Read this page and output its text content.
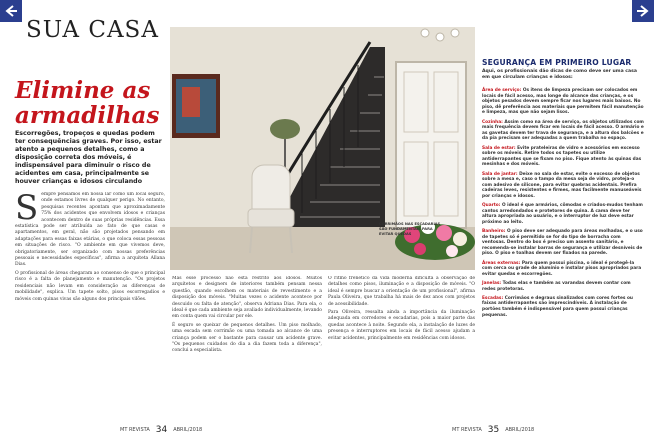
SUA CASA
CORRIMÃOS NAS ESCADARIAS SÃO FUNDAMENTAIS PARA EVITAR QUEDAS
Elimine as
armadilhas
Escorregões, tropeços e quedas podem ter consequências graves. Por isso, estar atento a pequenos detalhes, como a disposição correta dos móveis, é indispensável para diminuir o risco de acidentes em casa, principalmente se houver crianças e idosos circulando
S empre pensamos em nossa lar como um local seguro, onde estamos livres de qualquer perigo. No entanto, pesquisas recentes apontam que aproximadamente 75% dos acidentes que envolvem idosos e crianças acontecem dentro de suas próprias residências. Essa estatística pode ser atribuída ao fato de que casas e apartamentos, em geral, não são projetados pensando em adaptações para essas faixas etárias, o que coloca essas pessoas em situações de risco. "O ambiente em que vivemos deve, obrigatoriamente, ser organizado com nossas preferências pessoais e necessidades específicas", afirma a arquiteta Allana Dias.

O profissional de áreas chegaram ao consenso de que o principal risco é a falta de planejamento e manutenção. "Os projetos residenciais não levam em consideração as diferenças de mobilidade", explica. Um tapete solto, pisos escorregadios e móveis com quinas vivas são alguns dos principais vilões.

Mas esse processo não está restrito aos idosos. Muitos arquitetos e designers de interiores também pensam nessa questão, quando escolhem os materiais de revestimento e a disposição dos móveis. "Muitas vezes o acidente acontece por descuido ou falta de atenção", observa Adriana Dias. Para ela, o ideal é que cada ambiente seja avaliado individualmente, levando em conta quem vai circular por ele.

É seguro se queixar de pequenos detalhes. Um piso molhado, uma escada sem corrimão ou uma tomada ao alcance de uma criança podem ser o bastante para causar um acidente grave. "Os pequenos cuidados do dia a dia fazem toda a diferença", conclui a especialista.

O ritmo frenético da vida moderna dificulta a observação de detalhes como pisos, iluminação e a disposição de móveis. "O ideal é sempre buscar a orientação de um profissional", afirma Paula Oliveira, que trabalha há mais de dez anos com projetos de acessibilidade.

Para Oliveira, ressalta ainda a importância da iluminação adequada em corredores e escadarias, pois a maior parte das quedas acontece à noite. Segundo ela, a instalação de luzes de presença e interruptores em locais de fácil acesso ajudam a evitar acidentes, principalmente em residências com idosos.

MT REVISTA 34 ABRIL/2018	MT REVISTA 35 ABRIL/2018
SEGURANÇA EM PRIMEIRO LUGAR
Aqui, os profissionais dão dicas de como deve ser uma casa em que circulam crianças e idosos:
Área de serviço: Os itens de limpeza precisam ser colocados em locais de fácil acesso, mas longe do alcance das crianças, e os objetos pesados devem sempre ficar nos lugares mais baixos. No piso, dê preferência aos materiais que permitem fácil manutenção e limpeza, mas que não sejam lisos.
Cozinha: Assim como na área de serviço, os objetos utilizados com mais frequência devem ficar em locais de fácil acesso. O armário e as gavetas devem ter trava de segurança, e a altura dos balcões e da pia precisam ser adequadas a quem trabalha no espaço.
Sala de estar: Evite prateleiras de vidro e acessórios em excesso sobre os móveis. Retire todos os tapetes ou utilize antiderrapantes que se fixam no piso. Fique atento às quinas das mesinhas e dos móveis.
Sala de jantar: Deixe no sala de estar, evite o excesso de objetos sobre a mesa e, caso o tampo da mesa seja de vidro, proteja-o com adesivo de silicone, para evitar quebras acidentais. Prefira cadeiras leves, resistentes e firmes, mas facilmente manuseáveis por crianças e idosos.
Quarto: O ideal é que armários, cômodas e criados-mudos tenham cantos arredondados e protetores de quina. A cama deve ter altura apropriada ao usuário, e o interruptor de luz deve estar próximo ao leito.
Banheiro: O piso deve ser adequado para áreas molhadas, e o uso de tapetes só é permitido se for do tipo de borracha com ventosas. Dentro do box é preciso um assento sanitário, e recomenda-se instalar barras de segurança e utilizar desníveis de piso. O piso e toalhas devem ser fixados na parede.
Áreas externas: Para quem possui piscina, o ideal é protegê-la com cerca ou grade de alumínio e instalar pisos apropriados para evitar quedas e escorregões.
Janelas: Todas elas e também as varandas devem contar com redes protetoras.
Escadas: Corrimãos e degraus sinalizados com cores fortes ou faixas antiderrapantes são imprescindíveis. A instalação de portões também é indispensável para quem possui crianças pequenas.
